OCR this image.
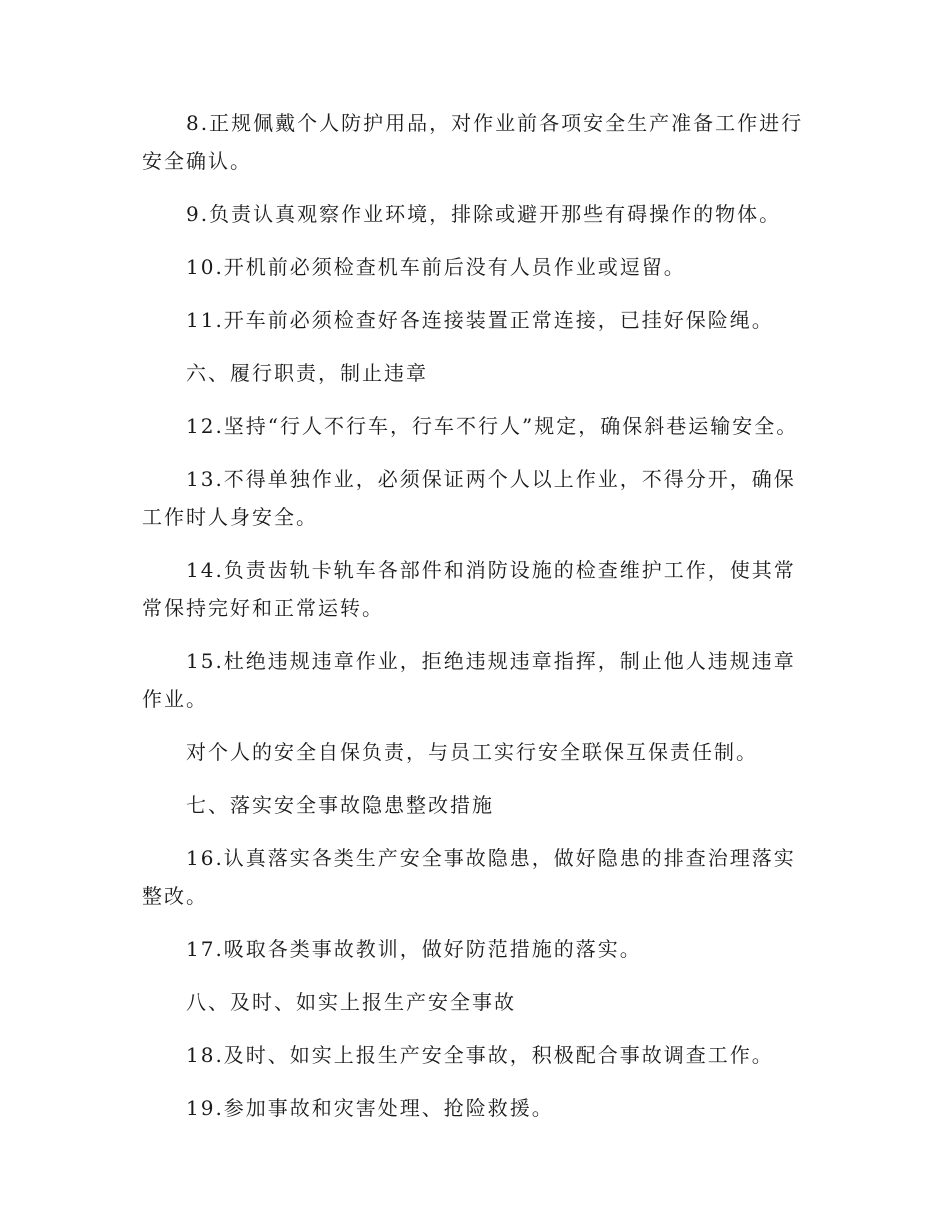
8.正规佩戴个人防护用品，对作业前各项安全生产准备工作进行安全确认。

9.负责认真观察作业环境，排除或避开那些有碍操作的物体。

10.开机前必须检查机车前后没有人员作业或逗留。

11.开车前必须检查好各连接装置正常连接，已挂好保险绳。

六、履行职责，制止违章

12.坚持“行人不行车，行车不行人”规定，确保斜巷运输安全。

13.不得单独作业，必须保证两个人以上作业，不得分开，确保工作时人身安全。

14.负责齿轨卡轨车各部件和消防设施的检查维护工作，使其常常保持完好和正常运转。

15.杜绝违规违章作业，拒绝违规违章指挥，制止他人违规违章作业。

对个人的安全自保负责，与员工实行安全联保互保责任制。

七、落实安全事故隐患整改措施

16.认真落实各类生产安全事故隐患，做好隐患的排查治理落实整改。

17.吸取各类事故教训，做好防范措施的落实。

八、及时、如实上报生产安全事故

18.及时、如实上报生产安全事故，积极配合事故调查工作。

19.参加事故和灾害处理、抢险救援。
